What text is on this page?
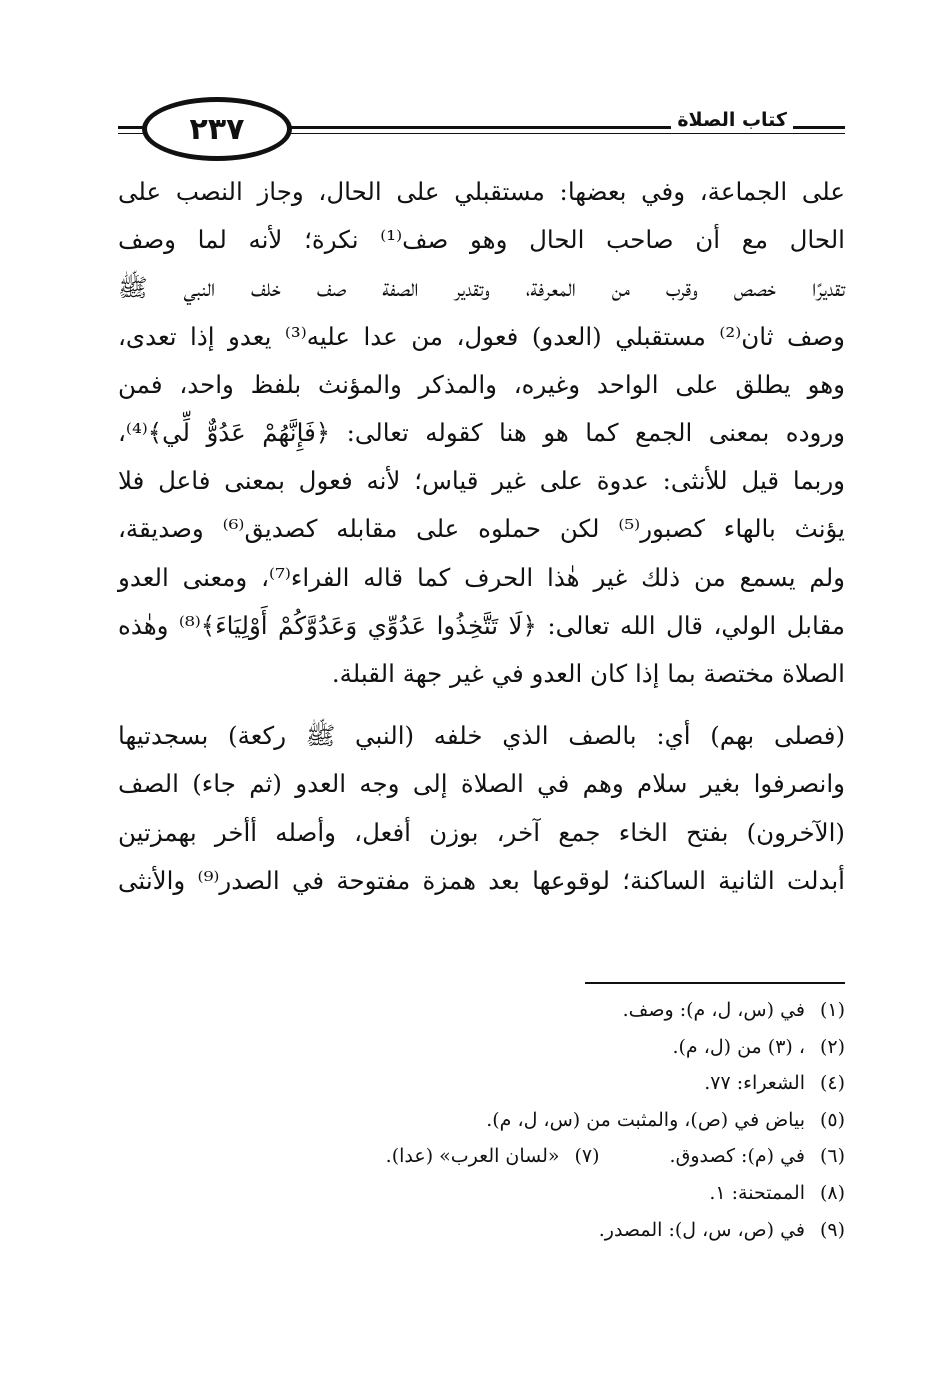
٢٣٧	كتاب الصلاة

على الجماعة، وفي بعضها: مستقبلي على الحال، وجاز النصب على
الحال مع أن صاحب الحال وهو صف⁽¹⁾ نكرة؛ لأنه لما وصف
تقديرًا خصص وقرب من المعرفة، وتقدير الصفة صف خلف النبي ﷺ
وصف ثان⁽²⁾ مستقبلي (العدو) فعول، من عدا عليه⁽³⁾ يعدو إذا تعدى،
وهو يطلق على الواحد وغيره، والمذكر والمؤنث بلفظ واحد، فمن
وروده بمعنى الجمع كما هو هنا كقوله تعالى: ﴿فَإِنَّهُمْ عَدُوٌّ لِّي﴾⁽⁴⁾،
وربما قيل للأنثى: عدوة على غير قياس؛ لأنه فعول بمعنى فاعل فلا
يؤنث بالهاء كصبور⁽⁵⁾ لكن حملوه على مقابله كصديق⁽⁶⁾ وصديقة،
ولم يسمع من ذلك غير هٰذا الحرف كما قاله الفراء⁽⁷⁾، ومعنى العدو
مقابل الولي، قال الله تعالى: ﴿لَا تَتَّخِذُوا عَدُوِّي وَعَدُوَّكُمْ أَوْلِيَاءَ﴾⁽⁸⁾ وهٰذه
الصلاة مختصة بما إذا كان العدو في غير جهة القبلة.

(فصلى بهم) أي: بالصف الذي خلفه (النبي ﷺ ركعة) بسجدتيها
وانصرفوا بغير سلام وهم في الصلاة إلى وجه العدو (ثم جاء) الصف
(الآخرون) بفتح الخاء جمع آخر، بوزن أفعل، وأصله أأخر بهمزتين
أبدلت الثانية الساكنة؛ لوقوعها بعد همزة مفتوحة في الصدر⁽⁹⁾ والأنثى

(١)في (س، ل، م): وصف.
(٢)، (٣) من (ل، م).
(٤)الشعراء: ٧٧.
(٥)بياض في (ص)، والمثبت من (س، ل، م).
(٦)في (م): كصدوق.(٧)«لسان العرب» (عدا).
(٨)الممتحنة: ١.
(٩)في (ص، س، ل): المصدر.
